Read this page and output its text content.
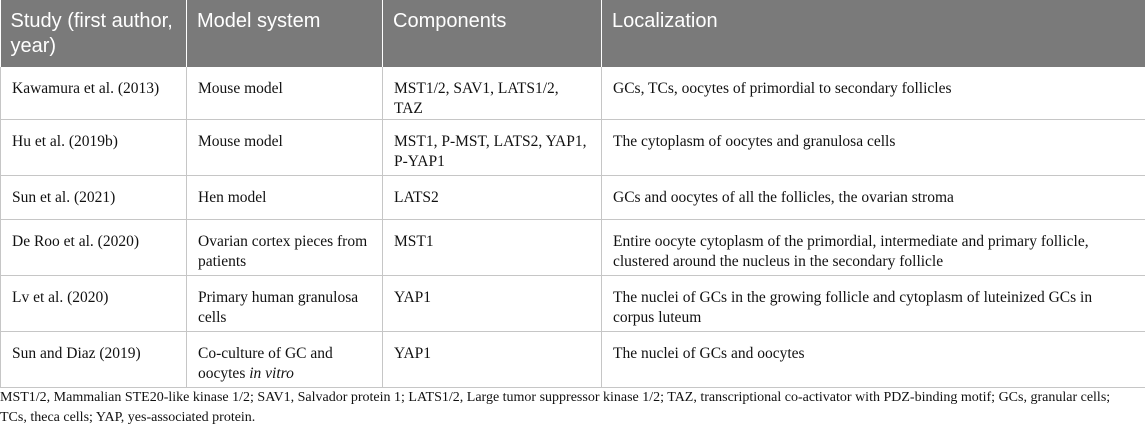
Study (first author, year)	Model system	Components	Localization
Kawamura et al. (2013)	Mouse model	MST1/2, SAV1, LATS1/2, TAZ	GCs, TCs, oocytes of primordial to secondary follicles
Hu et al. (2019b)	Mouse model	MST1, P-MST, LATS2, YAP1, P-YAP1	The cytoplasm of oocytes and granulosa cells
Sun et al. (2021)	Hen model	LATS2	GCs and oocytes of all the follicles, the ovarian stroma
De Roo et al. (2020)	Ovarian cortex pieces from patients	MST1	Entire oocyte cytoplasm of the primordial, intermediate and primary follicle, clustered around the nucleus in the secondary follicle
Lv et al. (2020)	Primary human granulosa cells	YAP1	The nuclei of GCs in the growing follicle and cytoplasm of luteinized GCs in corpus luteum
Sun and Diaz (2019)	Co-culture of GC and oocytes in vitro	YAP1	The nuclei of GCs and oocytes
MST1/2, Mammalian STE20-like kinase 1/2; SAV1, Salvador protein 1; LATS1/2, Large tumor suppressor kinase 1/2; TAZ, transcriptional co-activator with PDZ-binding motif; GCs, granular cells; TCs, theca cells; YAP, yes-associated protein.
